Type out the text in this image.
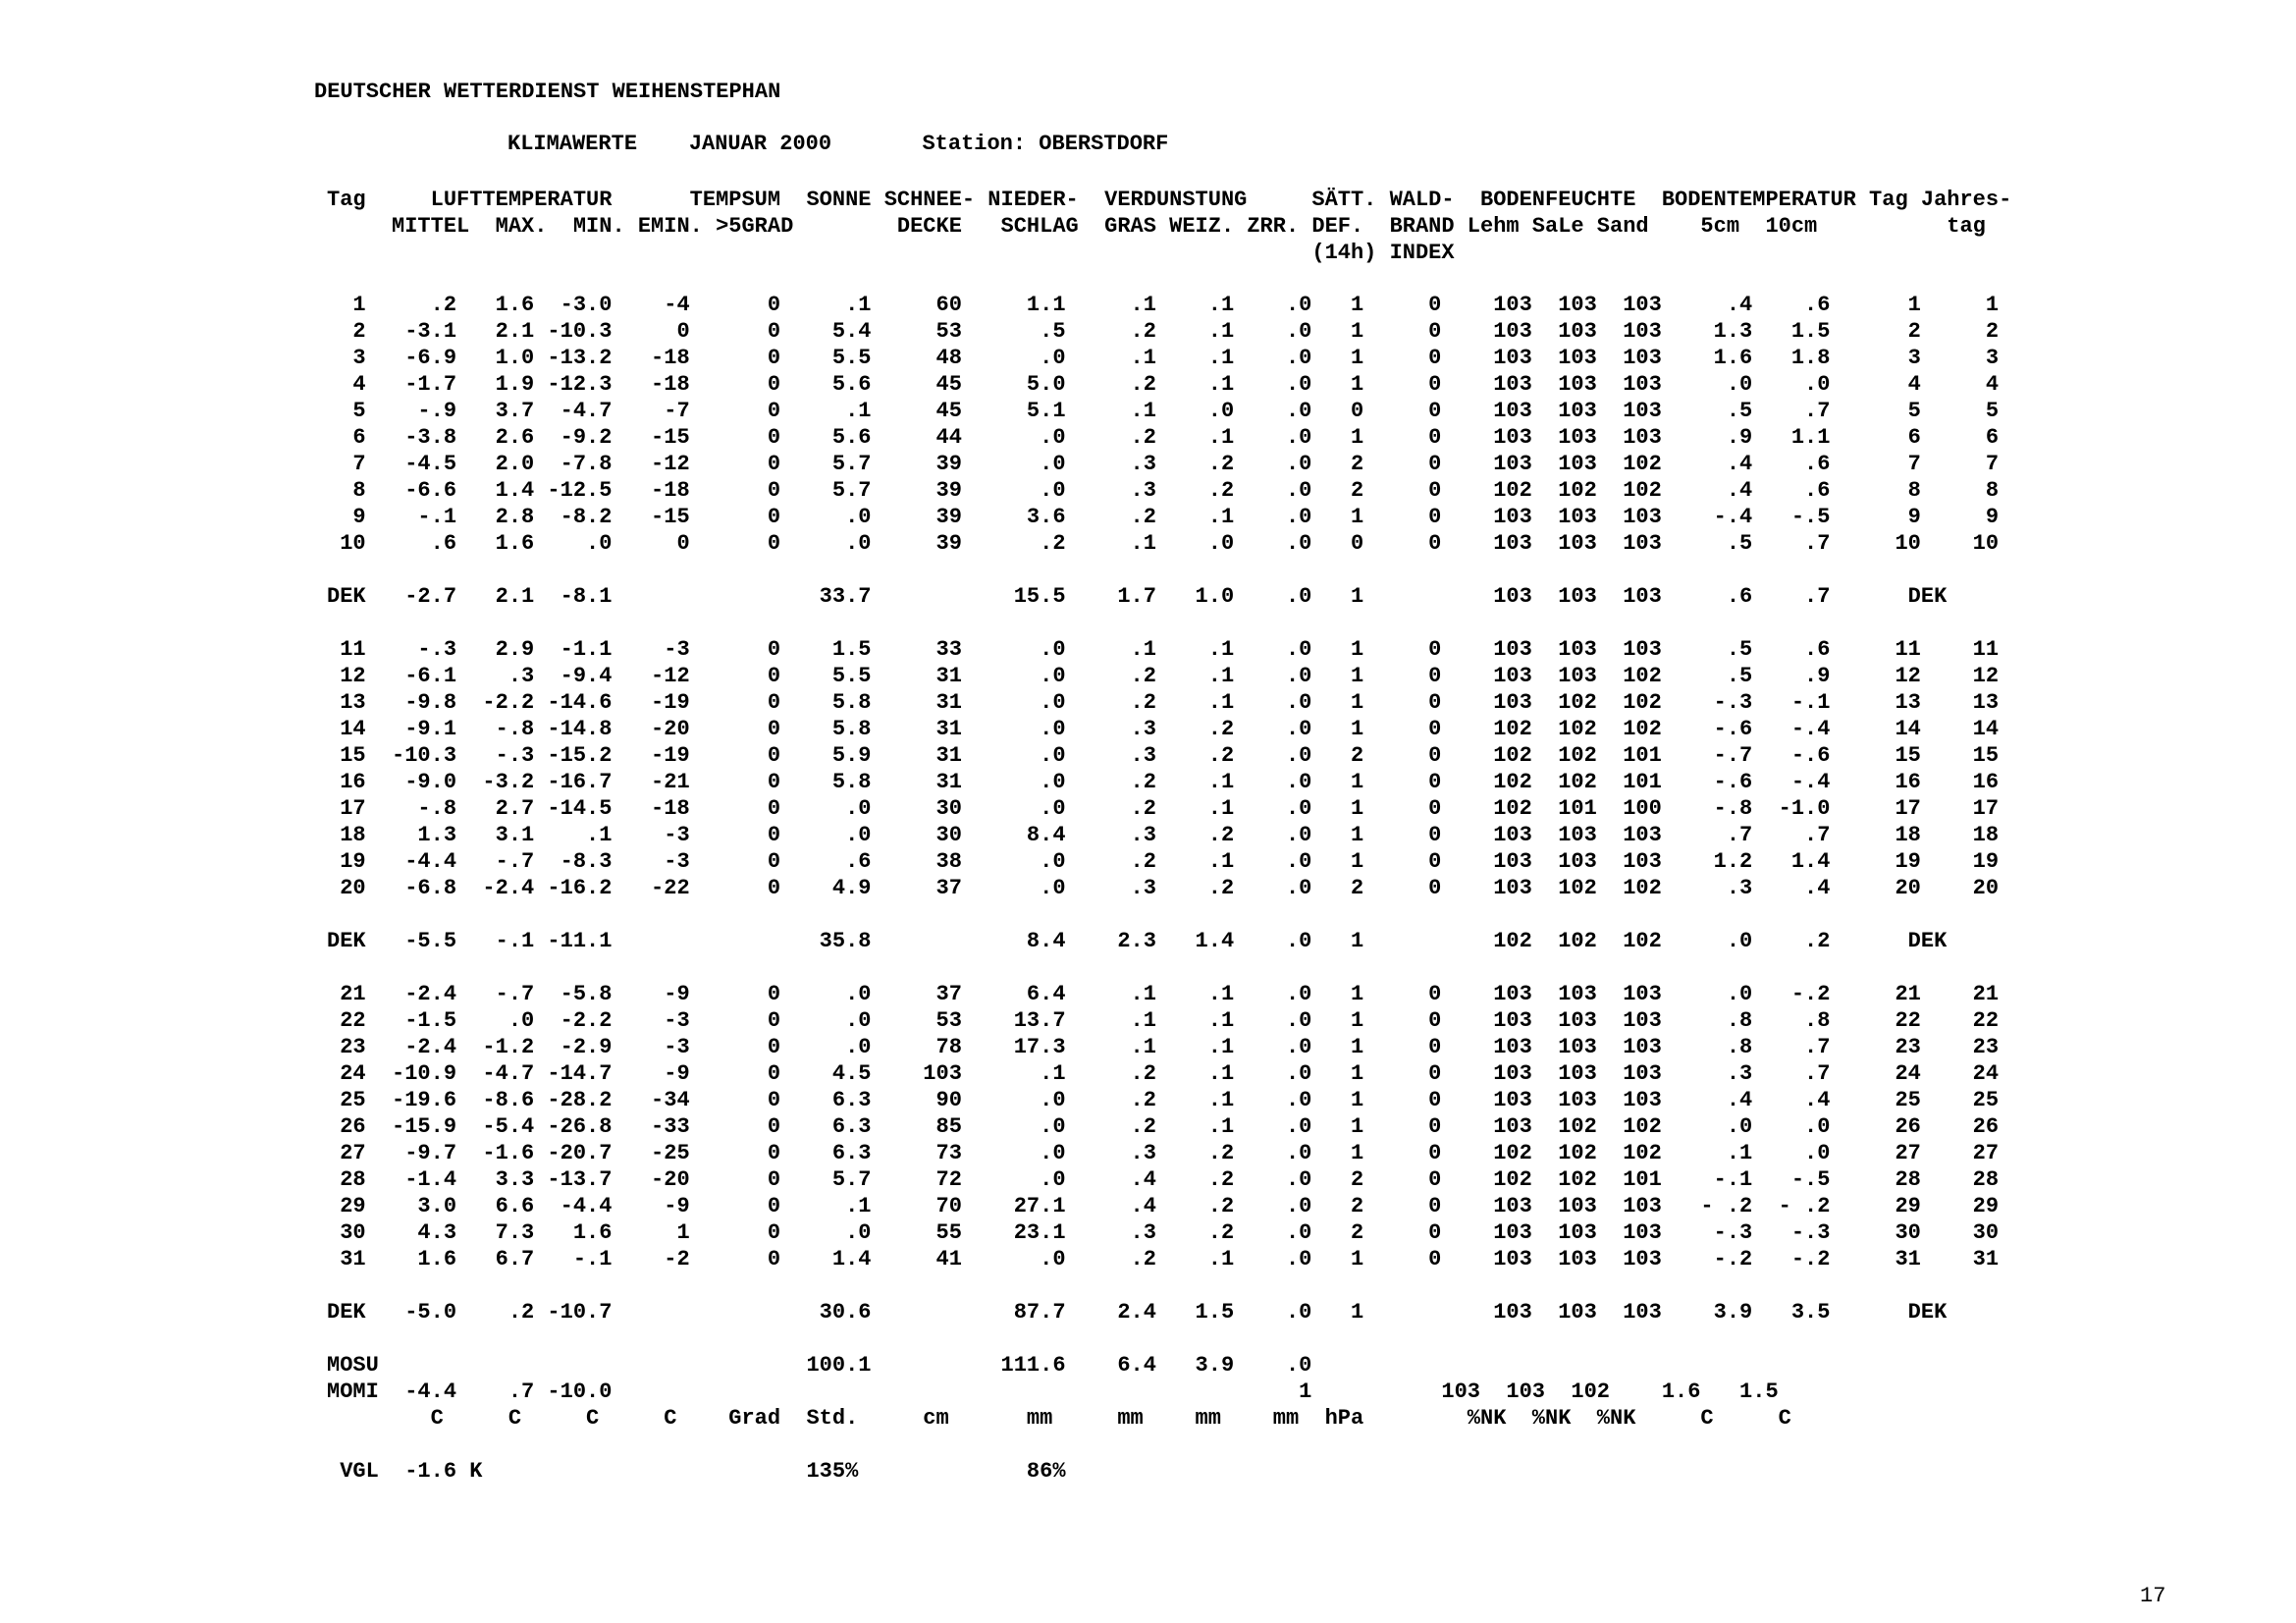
DEUTSCHER WETTERDIENST WEIHENSTEPHAN
KLIMAWERTE    JANUAR 2000       Station: OBERSTDORF
Tag     LUFTTEMPERATUR      TEMPSUM  SONNE SCHNEE- NIEDER-  VERDUNSTUNG     SÄTT. WALD-  BODENFEUCHTE  BODENTEMPERATUR Tag Jahres-
MITTEL  MAX.  MIN. EMIN. >5GRAD        DECKE   SCHLAG  GRAS WEIZ. ZRR. DEF.  BRAND Lehm SaLe Sand    5cm  10cm          tag
(14h) INDEX
1     .2   1.6  -3.0    -4      0     .1     60     1.1     .1    .1    .0   1     0    103  103  103     .4    .6      1     1
2   -3.1   2.1 -10.3     0      0    5.4     53      .5     .2    .1    .0   1     0    103  103  103    1.3   1.5      2     2
3   -6.9   1.0 -13.2   -18      0    5.5     48      .0     .1    .1    .0   1     0    103  103  103    1.6   1.8      3     3
4   -1.7   1.9 -12.3   -18      0    5.6     45     5.0     .2    .1    .0   1     0    103  103  103     .0    .0      4     4
5    -.9   3.7  -4.7    -7      0     .1     45     5.1     .1    .0    .0   0     0    103  103  103     .5    .7      5     5
6   -3.8   2.6  -9.2   -15      0    5.6     44      .0     .2    .1    .0   1     0    103  103  103     .9   1.1      6     6
7   -4.5   2.0  -7.8   -12      0    5.7     39      .0     .3    .2    .0   2     0    103  103  102     .4    .6      7     7
8   -6.6   1.4 -12.5   -18      0    5.7     39      .0     .3    .2    .0   2     0    102  102  102     .4    .6      8     8
9    -.1   2.8  -8.2   -15      0     .0     39     3.6     .2    .1    .0   1     0    103  103  103    -.4   -.5      9     9
10     .6   1.6    .0     0      0     .0     39      .2     .1    .0    .0   0     0    103  103  103     .5    .7     10    10
DEK   -2.7   2.1  -8.1                33.7           15.5    1.7   1.0    .0   1          103  103  103     .6    .7      DEK
11    -.3   2.9  -1.1    -3      0    1.5     33      .0     .1    .1    .0   1     0    103  103  103     .5    .6     11    11
12   -6.1    .3  -9.4   -12      0    5.5     31      .0     .2    .1    .0   1     0    103  103  102     .5    .9     12    12
13   -9.8  -2.2 -14.6   -19      0    5.8     31      .0     .2    .1    .0   1     0    103  102  102    -.3   -.1     13    13
14   -9.1   -.8 -14.8   -20      0    5.8     31      .0     .3    .2    .0   1     0    102  102  102    -.6   -.4     14    14
15  -10.3   -.3 -15.2   -19      0    5.9     31      .0     .3    .2    .0   2     0    102  102  101    -.7   -.6     15    15
16   -9.0  -3.2 -16.7   -21      0    5.8     31      .0     .2    .1    .0   1     0    102  102  101    -.6   -.4     16    16
17    -.8   2.7 -14.5   -18      0     .0     30      .0     .2    .1    .0   1     0    102  101  100    -.8  -1.0     17    17
18    1.3   3.1    .1    -3      0     .0     30     8.4     .3    .2    .0   1     0    103  103  103     .7    .7     18    18
19   -4.4   -.7  -8.3    -3      0     .6     38      .0     .2    .1    .0   1     0    103  103  103    1.2   1.4     19    19
20   -6.8  -2.4 -16.2   -22      0    4.9     37      .0     .3    .2    .0   2     0    103  102  102     .3    .4     20    20
DEK   -5.5   -.1 -11.1                35.8            8.4    2.3   1.4    .0   1          102  102  102     .0    .2      DEK
21   -2.4   -.7  -5.8    -9      0     .0     37     6.4     .1    .1    .0   1     0    103  103  103     .0   -.2     21    21
22   -1.5    .0  -2.2    -3      0     .0     53    13.7     .1    .1    .0   1     0    103  103  103     .8    .8     22    22
23   -2.4  -1.2  -2.9    -3      0     .0     78    17.3     .1    .1    .0   1     0    103  103  103     .8    .7     23    23
24  -10.9  -4.7 -14.7    -9      0    4.5    103      .1     .2    .1    .0   1     0    103  103  103     .3    .7     24    24
25  -19.6  -8.6 -28.2   -34      0    6.3     90      .0     .2    .1    .0   1     0    103  103  103     .4    .4     25    25
26  -15.9  -5.4 -26.8   -33      0    6.3     85      .0     .2    .1    .0   1     0    103  102  102     .0    .0     26    26
27   -9.7  -1.6 -20.7   -25      0    6.3     73      .0     .3    .2    .0   1     0    102  102  102     .1    .0     27    27
28   -1.4   3.3 -13.7   -20      0    5.7     72      .0     .4    .2    .0   2     0    102  102  101    -.1   -.5     28    28
29    3.0   6.6  -4.4    -9      0     .1     70    27.1     .4    .2    .0   2     0    103  103  103   - .2  - .2     29    29
30    4.3   7.3   1.6     1      0     .0     55    23.1     .3    .2    .0   2     0    103  103  103    -.3   -.3     30    30
31    1.6   6.7   -.1    -2      0    1.4     41      .0     .2    .1    .0   1     0    103  103  103    -.2   -.2     31    31
DEK   -5.0    .2 -10.7                30.6           87.7    2.4   1.5    .0   1          103  103  103    3.9   3.5      DEK
MOSU                                 100.1          111.6    6.4   3.9    .0
MOMI  -4.4    .7 -10.0                                                     1          103  103  102    1.6   1.5
C     C     C     C    Grad  Std.     cm      mm     mm    mm    mm  hPa        %NK  %NK  %NK     C     C
VGL  -1.6 K                         135%             86%
17
